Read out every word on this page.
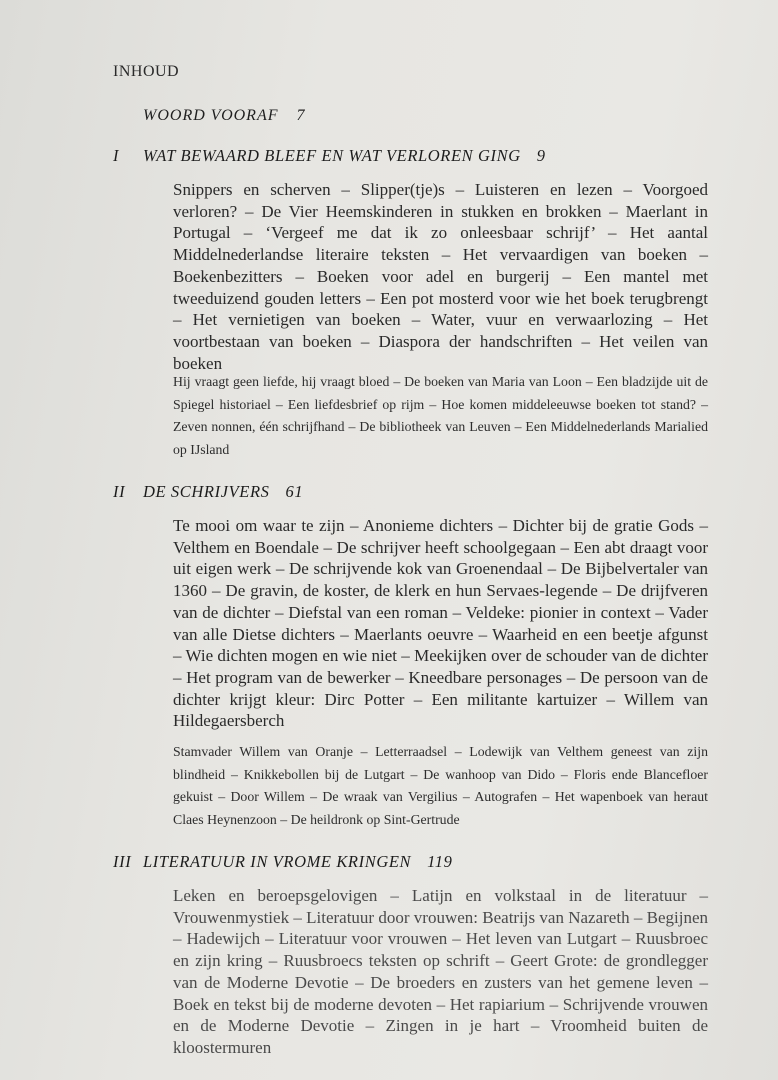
INHOUD
WOORD VOORAF 7
I WAT BEWAARD BLEEF EN WAT VERLOREN GING 9
Snippers en scherven – Slipper(tje)s – Luisteren en lezen – Voorgoed verloren? – De Vier Heemskinderen in stukken en brokken – Maerlant in Portugal – ‘Vergeef me dat ik zo onleesbaar schrijf’ – Het aantal Middelnederlandse literaire teksten – Het vervaardigen van boeken – Boekenbezitters – Boeken voor adel en burgerij – Een mantel met tweeduizend gouden letters – Een pot mosterd voor wie het boek terugbrengt – Het vernietigen van boeken – Water, vuur en verwaarlozing – Het voortbestaan van boeken – Diaspora der handschriften – Het veilen van boeken
Hij vraagt geen liefde, hij vraagt bloed – De boeken van Maria van Loon – Een bladzijde uit de Spiegel historiael – Een liefdesbrief op rijm – Hoe komen middeleeuwse boeken tot stand? – Zeven nonnen, één schrijfhand – De bibliotheek van Leuven – Een Middelnederlands Marialied op IJsland
II DE SCHRIJVERS 61
Te mooi om waar te zijn – Anonieme dichters – Dichter bij de gratie Gods – Velthem en Boendale – De schrijver heeft schoolgegaan – Een abt draagt voor uit eigen werk – De schrijvende kok van Groenendaal – De Bijbelvertaler van 1360 – De gravin, de koster, de klerk en hun Servaes-legende – De drijfveren van de dichter – Diefstal van een roman – Veldeke: pionier in context – Vader van alle Dietse dichters – Maerlants oeuvre – Waarheid en een beetje afgunst – Wie dichten mogen en wie niet – Meekijken over de schouder van de dichter – Het program van de bewerker – Kneedbare personages – De persoon van de dichter krijgt kleur: Dirc Potter – Een militante kartuizer – Willem van Hildegaersberch
Stamvader Willem van Oranje – Letterraadsel – Lodewijk van Velthem geneest van zijn blindheid – Knikkebollen bij de Lutgart – De wanhoop van Dido – Floris ende Blancefloer gekuist – Door Willem – De wraak van Vergilius – Autografen – Het wapenboek van heraut Claes Heynenzoon – De heildronk op Sint-Gertrude
III LITERATUUR IN VROME KRINGEN 119
Leken en beroepsgelovigen – Latijn en volkstaal in de literatuur – Vrouwenmystiek – Literatuur door vrouwen: Beatrijs van Nazareth – Begijnen – Hadewijch – Literatuur voor vrouwen – Het leven van Lutgart – Ruusbroec en zijn kring – Ruusbroecs teksten op schrift – Geert Grote: de grondlegger van de Moderne Devotie – De broeders en zusters van het gemene leven – Boek en tekst bij de moderne devoten – Het rapiarium – Schrijvende vrouwen en de Moderne Devotie – Zingen in je hart – Vroomheid buiten de kloostermuren
